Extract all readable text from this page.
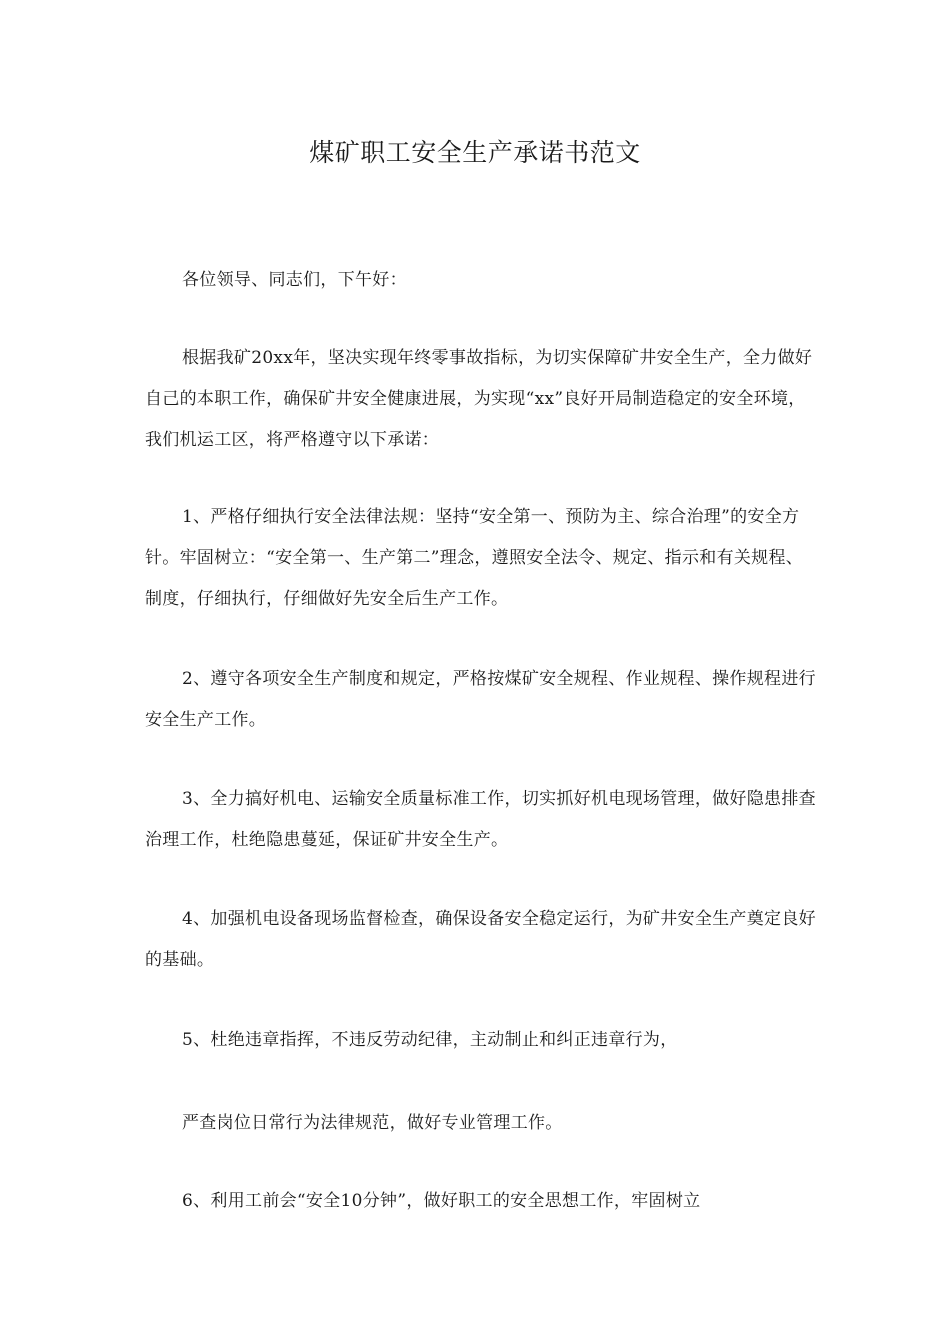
煤矿职工安全生产承诺书范文

各位领导、同志们，下午好：

根据我矿20xx年，坚决实现年终零事故指标，为切实保障矿井安全生产，全力做好自己的本职工作，确保矿井安全健康进展，为实现“xx”良好开局制造稳定的安全环境，我们机运工区，将严格遵守以下承诺：

1、严格仔细执行安全法律法规：坚持“安全第一、预防为主、综合治理”的安全方针。牢固树立：“安全第一、生产第二”理念，遵照安全法令、规定、指示和有关规程、制度，仔细执行，仔细做好先安全后生产工作。

2、遵守各项安全生产制度和规定，严格按煤矿安全规程、作业规程、操作规程进行安全生产工作。

3、全力搞好机电、运输安全质量标准工作，切实抓好机电现场管理，做好隐患排查治理工作，杜绝隐患蔓延，保证矿井安全生产。

4、加强机电设备现场监督检查，确保设备安全稳定运行，为矿井安全生产奠定良好的基础。

5、杜绝违章指挥，不违反劳动纪律，主动制止和纠正违章行为，

严查岗位日常行为法律规范，做好专业管理工作。

6、利用工前会“安全10分钟”，做好职工的安全思想工作，牢固树立
